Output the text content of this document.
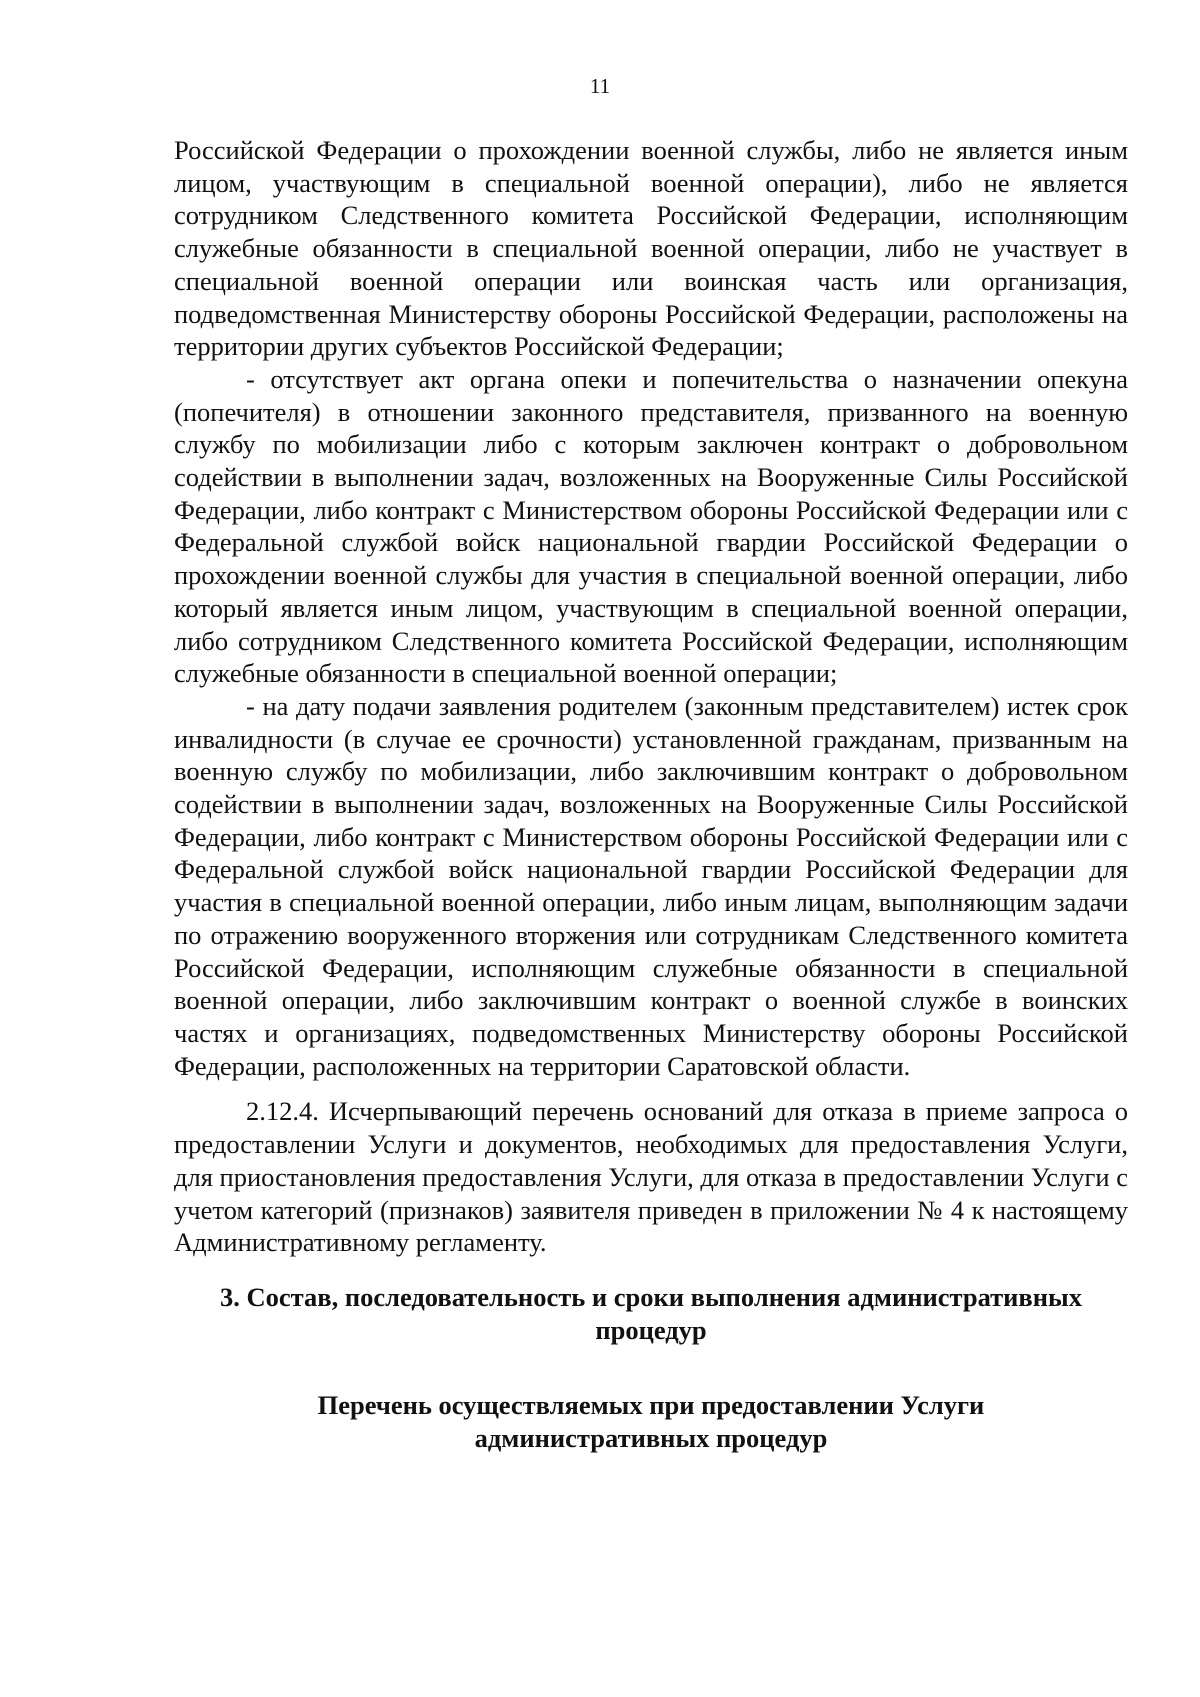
11

Российской Федерации о прохождении военной службы, либо не является иным лицом, участвующим в специальной военной операции), либо не является сотрудником Следственного комитета Российской Федерации, исполняющим служебные обязанности в специальной военной операции, либо не участвует в специальной военной операции или воинская часть или организация, подведомственная Министерству обороны Российской Федерации, расположены на территории других субъектов Российской Федерации;

- отсутствует акт органа опеки и попечительства о назначении опекуна (попечителя) в отношении законного представителя, призванного на военную службу по мобилизации либо с которым заключен контракт о добровольном содействии в выполнении задач, возложенных на Вооруженные Силы Российской Федерации, либо контракт с Министерством обороны Российской Федерации или с Федеральной службой войск национальной гвардии Российской Федерации о прохождении военной службы для участия в специальной военной операции, либо который является иным лицом, участвующим в специальной военной операции, либо сотрудником Следственного комитета Российской Федерации, исполняющим служебные обязанности в специальной военной операции;

- на дату подачи заявления родителем (законным представителем) истек срок инвалидности (в случае ее срочности) установленной гражданам, призванным на военную службу по мобилизации, либо заключившим контракт о добровольном содействии в выполнении задач, возложенных на Вооруженные Силы Российской Федерации, либо контракт с Министерством обороны Российской Федерации или с Федеральной службой войск национальной гвардии Российской Федерации для участия в специальной военной операции, либо иным лицам, выполняющим задачи по отражению вооруженного вторжения или сотрудникам Следственного комитета Российской Федерации, исполняющим служебные обязанности в специальной военной операции, либо заключившим контракт о военной службе в воинских частях и организациях, подведомственных Министерству обороны Российской Федерации, расположенных на территории Саратовской области.

2.12.4. Исчерпывающий перечень оснований для отказа в приеме запроса о предоставлении Услуги и документов, необходимых для предоставления Услуги, для приостановления предоставления Услуги, для отказа в предоставлении Услуги с учетом категорий (признаков) заявителя приведен в приложении № 4 к настоящему Административному регламенту.

3. Состав, последовательность и сроки выполнения административных
процедур
Перечень осуществляемых при предоставлении Услуги
административных процедур
